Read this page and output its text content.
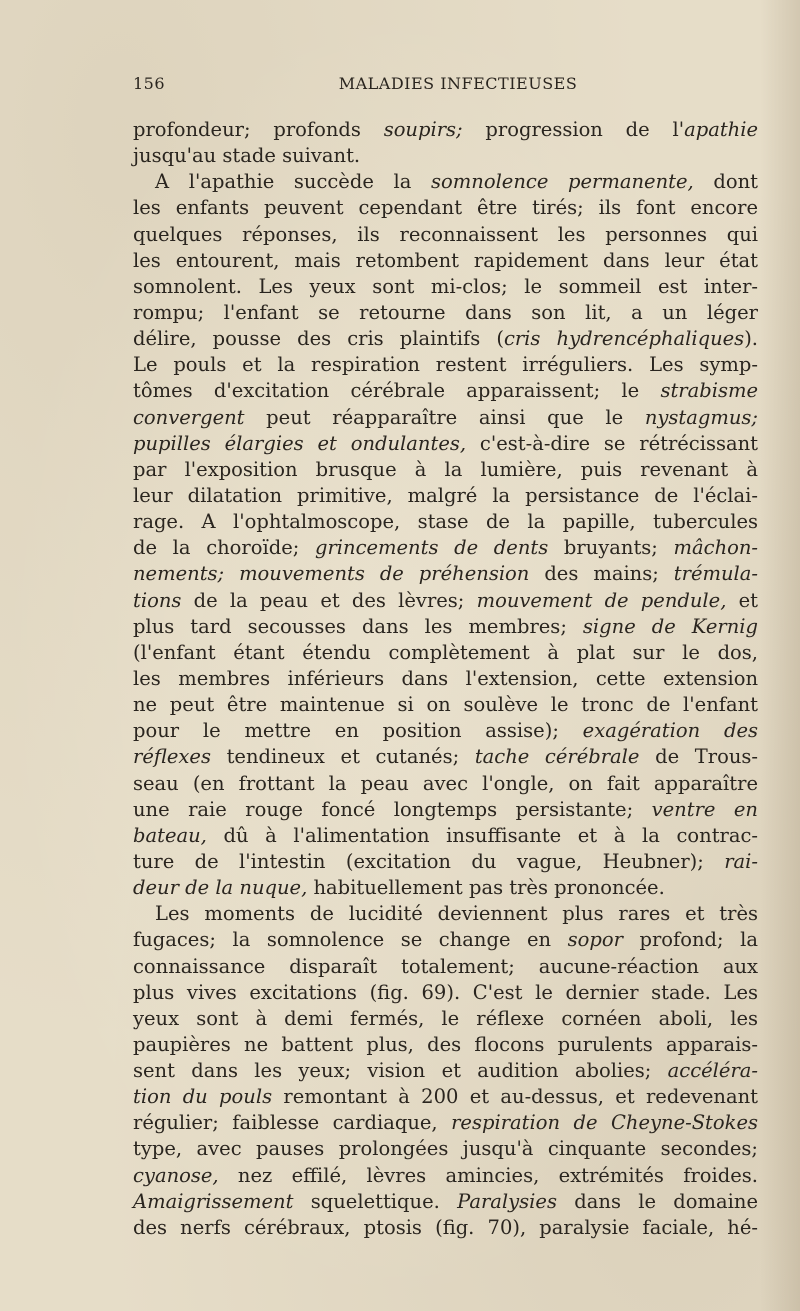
156	MALADIES INFECTIEUSES
profondeur; profonds soupirs; progression de l'apathie
jusqu'au stade suivant.
A l'apathie succède la somnolence permanente, dont
les enfants peuvent cependant être tirés; ils font encore
quelques réponses, ils reconnaissent les personnes qui
les entourent, mais retombent rapidement dans leur état
somnolent. Les yeux sont mi-clos; le sommeil est inter-
rompu; l'enfant se retourne dans son lit, a un léger
délire, pousse des cris plaintifs (cris hydrencéphaliques).
Le pouls et la respiration restent irréguliers. Les symp-
tômes d'excitation cérébrale apparaissent; le strabisme
convergent peut réapparaître ainsi que le nystagmus;
pupilles élargies et ondulantes, c'est-à-dire se rétrécissant
par l'exposition brusque à la lumière, puis revenant à
leur dilatation primitive, malgré la persistance de l'éclai-
rage. A l'ophtalmoscope, stase de la papille, tubercules
de la choroïde; grincements de dents bruyants; mâchon-
nements; mouvements de préhension des mains; trémula-
tions de la peau et des lèvres; mouvement de pendule, et
plus tard secousses dans les membres; signe de Kernig
(l'enfant étant étendu complètement à plat sur le dos,
les membres inférieurs dans l'extension, cette extension
ne peut être maintenue si on soulève le tronc de l'enfant
pour le mettre en position assise); exagération des
réflexes tendineux et cutanés; tache cérébrale de Trous-
seau (en frottant la peau avec l'ongle, on fait apparaître
une raie rouge foncé longtemps persistante; ventre en
bateau, dû à l'alimentation insuffisante et à la contrac-
ture de l'intestin (excitation du vague, Heubner); rai-
deur de la nuque, habituellement pas très prononcée.
Les moments de lucidité deviennent plus rares et très
fugaces; la somnolence se change en sopor profond; la
connaissance disparaît totalement; aucune-réaction aux
plus vives excitations (fig. 69). C'est le dernier stade. Les
yeux sont à demi fermés, le réflexe cornéen aboli, les
paupières ne battent plus, des flocons purulents apparais-
sent dans les yeux; vision et audition abolies; accéléra-
tion du pouls remontant à 200 et au-dessus, et redevenant
régulier; faiblesse cardiaque, respiration de Cheyne-Stokes
type, avec pauses prolongées jusqu'à cinquante secondes;
cyanose, nez effilé, lèvres amincies, extrémités froides.
Amaigrissement squelettique. Paralysies dans le domaine
des nerfs cérébraux, ptosis (fig. 70), paralysie faciale, hé-
